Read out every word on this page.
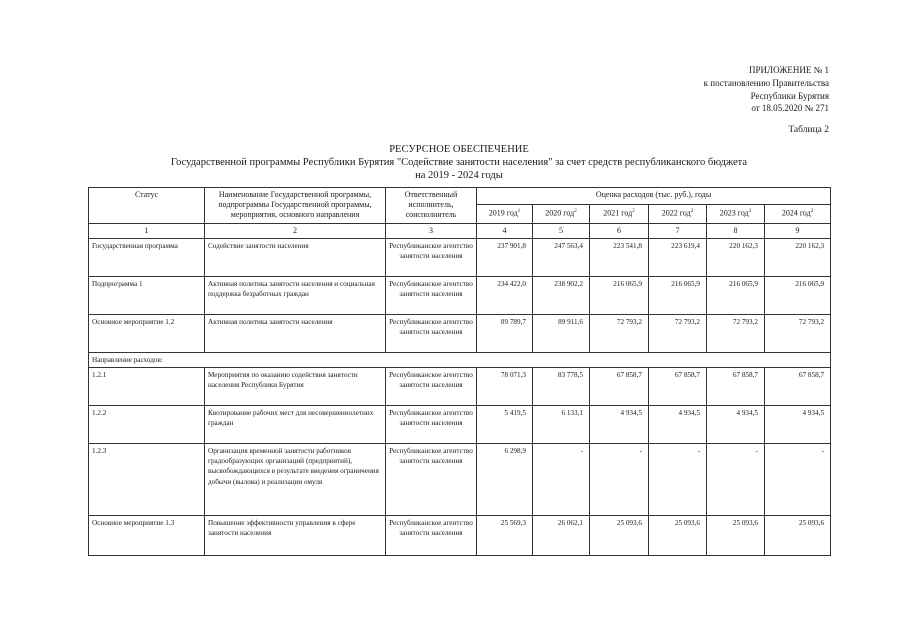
ПРИЛОЖЕНИЕ № 1
к постановлению Правительства
Республики Бурятия
от 18.05.2020 № 271
Таблица 2
РЕСУРСНОЕ ОБЕСПЕЧЕНИЕ
Государственной программы Республики Бурятия "Содействие занятости населения" за счет средств республиканского бюджета
на 2019 - 2024 годы
Статус	Наименование Государственной программы, подпрограммы Государственной программы, мероприятия, основного направления	Ответственный исполнитель, соисполнитель	Оценка расходов (тыс. руб.), годы					
			2019 год$^1$	2020 год$^2$	2021 год$^2$	2022 год$^2$	2023 год$^2$	2024 год$^2$
1	2	3	4	5	6	7	8	9
Государственная программа	Содействие занятости населения	Республиканское агентство занятости населения	237 901,8	247 563,4	223 541,8	223 619,4	220 162,3	220 162,3
Подпрограмма 1	Активная политика занятости населения и социальная поддержка безработных граждан	Республиканское агентство занятости населения	234 422,0	238 902,2	216 065,9	216 065,9	216 065,9	216 065,9
Основное мероприятие 1.2	Активная политика занятости населения	Республиканское агентство занятости населения	89 789,7	89 911,6	72 793,2	72 793,2	72 793,2	72 793,2
Направление расходов:								
1.2.1	Мероприятия по оказанию содействия занятости населения Республики Бурятия	Республиканское агентство занятости населения	78 071,3	83 778,5	67 858,7	67 858,7	67 858,7	67 858,7
1.2.2	Квотирование рабочих мест для несовершеннолетних граждан	Республиканское агентство занятости населения	5 419,5	6 133,1	4 934,5	4 934,5	4 934,5	4 934,5
1.2.3	Организация временной занятости работников градообразующих организаций (предприятий), высвобождающихся в результате введения ограничения добычи (вылова) и реализации омуля	Республиканское агентство занятости населения	6 298,9	-	-	-	-	-
Основное мероприятие 1.3	Повышение эффективности управления в сфере занятости населения	Республиканское агентство занятости населения	25 569,3	26 062,1	25 093,6	25 093,6	25 093,6	25 093,6
